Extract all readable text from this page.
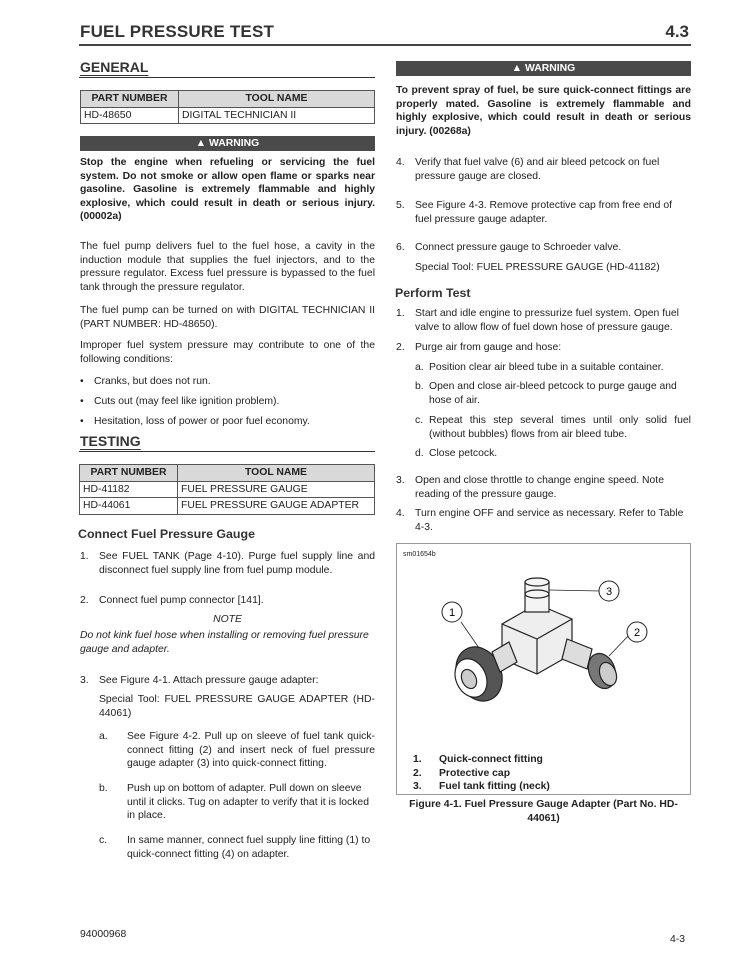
FUEL PRESSURE TEST	4.3
GENERAL
PART NUMBER	TOOL NAME
HD-48650	DIGITAL TECHNICIAN II
▲ WARNING
Stop the engine when refueling or servicing the fuel system. Do not smoke or allow open flame or sparks near gasoline. Gasoline is extremely flammable and highly explosive, which could result in death or serious injury. (00002a)
The fuel pump delivers fuel to the fuel hose, a cavity in the induction module that supplies the fuel injectors, and to the pressure regulator. Excess fuel pressure is bypassed to the fuel tank through the pressure regulator.
The fuel pump can be turned on with DIGITAL TECHNICIAN II (PART NUMBER: HD-48650).
Improper fuel system pressure may contribute to one of the following conditions:
• Cranks, but does not run.
• Cuts out (may feel like ignition problem).
• Hesitation, loss of power or poor fuel economy.
TESTING
PART NUMBER	TOOL NAME
HD-41182	FUEL PRESSURE GAUGE
HD-44061	FUEL PRESSURE GAUGE ADAPTER
Connect Fuel Pressure Gauge
1. See FUEL TANK (Page 4-10). Purge fuel supply line and disconnect fuel supply line from fuel pump module.
2. Connect fuel pump connector [141].
NOTE
Do not kink fuel hose when installing or removing fuel pressure gauge and adapter.
3. See Figure 4-1. Attach pressure gauge adapter:
Special Tool: FUEL PRESSURE GAUGE ADAPTER (HD-44061)
a. See Figure 4-2. Pull up on sleeve of fuel tank quick-connect fitting (2) and insert neck of fuel pressure gauge adapter (3) into quick-connect fitting.
b. Push up on bottom of adapter. Pull down on sleeve until it clicks. Tug on adapter to verify that it is locked in place.
c. In same manner, connect fuel supply line fitting (1) to quick-connect fitting (4) on adapter.
▲ WARNING
To prevent spray of fuel, be sure quick-connect fittings are properly mated. Gasoline is extremely flammable and highly explosive, which could result in death or serious injury. (00268a)
4. Verify that fuel valve (6) and air bleed petcock on fuel pressure gauge are closed.
5. See Figure 4-3. Remove protective cap from free end of fuel pressure gauge adapter.
6. Connect pressure gauge to Schroeder valve.
Special Tool: FUEL PRESSURE GAUGE (HD-41182)
Perform Test
1. Start and idle engine to pressurize fuel system. Open fuel valve to allow flow of fuel down hose of pressure gauge.
2. Purge air from gauge and hose:
a. Position clear air bleed tube in a suitable container.
b. Open and close air-bleed petcock to purge gauge and hose of air.
c. Repeat this step several times until only solid fuel (without bubbles) flows from air bleed tube.
d. Close petcock.
3. Open and close throttle to change engine speed. Note reading of the pressure gauge.
4. Turn engine OFF and service as necessary. Refer to Table 4-3.
sm01654b
1
2
3
1. Quick-connect fitting
2. Protective cap
3. Fuel tank fitting (neck)
Figure 4-1. Fuel Pressure Gauge Adapter (Part No. HD-44061)
94000968	4-3
